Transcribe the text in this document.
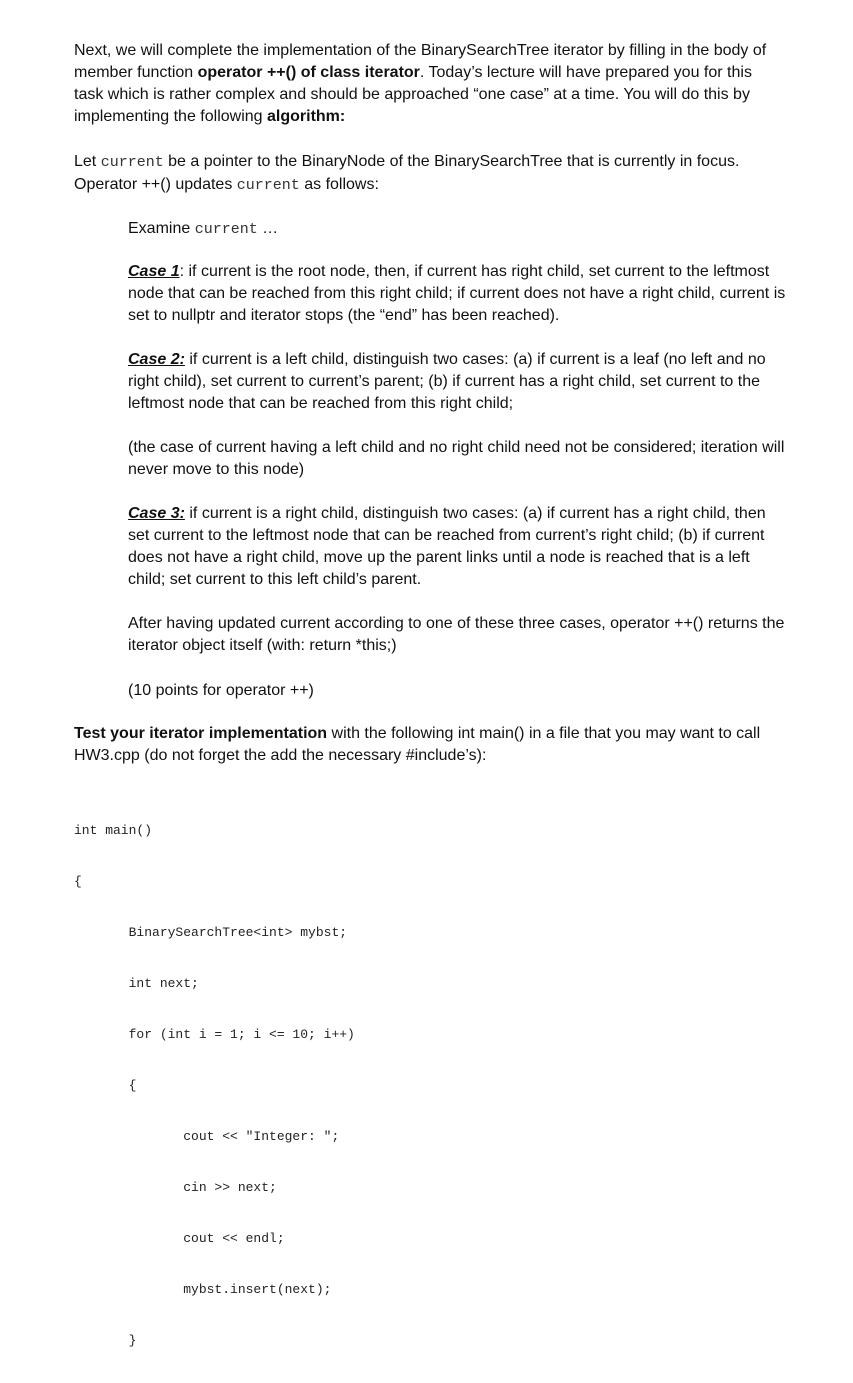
Next, we will complete the implementation of the BinarySearchTree iterator by filling in the body of member function operator ++() of class iterator. Today’s lecture will have prepared you for this task which is rather complex and should be approached “one case” at a time. You will do this by implementing the following algorithm:

Let current be a pointer to the BinaryNode of the BinarySearchTree that is currently in focus. Operator ++() updates current as follows:

Examine current …

Case 1: if current is the root node, then, if current has right child, set current to the leftmost node that can be reached from this right child; if current does not have a right child, current is set to nullptr and iterator stops (the “end” has been reached).

Case 2: if current is a left child, distinguish two cases: (a) if current is a leaf (no left and no right child), set current to current’s parent; (b) if current has a right child, set current to the leftmost node that can be reached from this right child;

(the case of current having a left child and no right child need not be considered; iteration will never move to this node)

Case 3: if current is a right child, distinguish two cases: (a) if current has a right child, then set current to the leftmost node that can be reached from current’s right child; (b) if current does not have a right child, move up the parent links until a node is reached that is a left child; set current to this left child’s parent.

After having updated current according to one of these three cases, operator ++() returns the iterator object itself (with: return *this;)

(10 points for operator ++)

Test your iterator implementation with the following int main() in a file that you may want to call HW3.cpp (do not forget the add the necessary #include’s):

int main()

{

BinarySearchTree<int> mybst;

int next;

for (int i = 1; i <= 10; i++)

{

cout << "Integer: ";

cin >> next;

cout << endl;

mybst.insert(next);

}
